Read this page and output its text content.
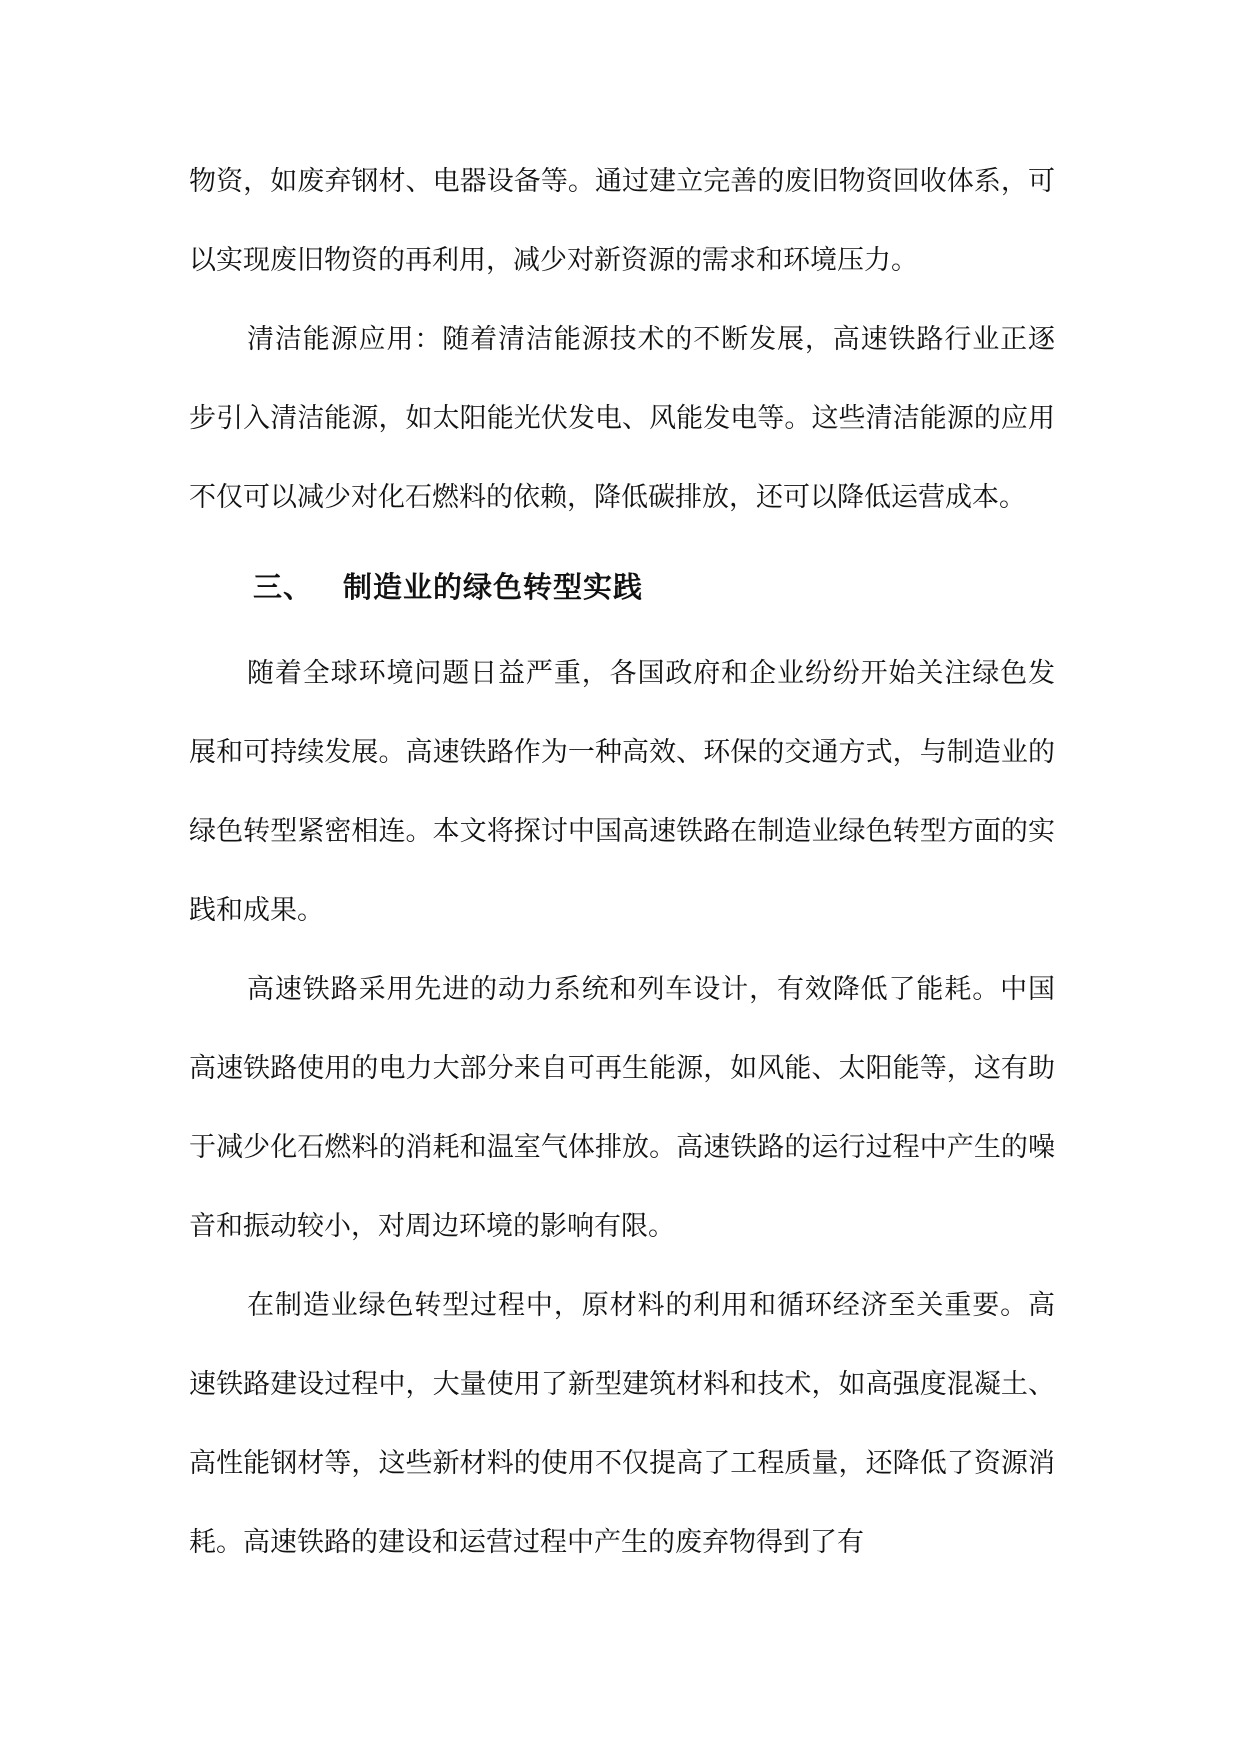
物资，如废弃钢材、电器设备等。通过建立完善的废旧物资回收体系，可以实现废旧物资的再利用，减少对新资源的需求和环境压力。

清洁能源应用：随着清洁能源技术的不断发展，高速铁路行业正逐步引入清洁能源，如太阳能光伏发电、风能发电等。这些清洁能源的应用不仅可以减少对化石燃料的依赖，降低碳排放，还可以降低运营成本。

三、 制造业的绿色转型实践

随着全球环境问题日益严重，各国政府和企业纷纷开始关注绿色发展和可持续发展。高速铁路作为一种高效、环保的交通方式，与制造业的绿色转型紧密相连。本文将探讨中国高速铁路在制造业绿色转型方面的实践和成果。

高速铁路采用先进的动力系统和列车设计，有效降低了能耗。中国高速铁路使用的电力大部分来自可再生能源，如风能、太阳能等，这有助于减少化石燃料的消耗和温室气体排放。高速铁路的运行过程中产生的噪音和振动较小，对周边环境的影响有限。

在制造业绿色转型过程中，原材料的利用和循环经济至关重要。高速铁路建设过程中，大量使用了新型建筑材料和技术，如高强度混凝土、高性能钢材等，这些新材料的使用不仅提高了工程质量，还降低了资源消耗。高速铁路的建设和运营过程中产生的废弃物得到了有
